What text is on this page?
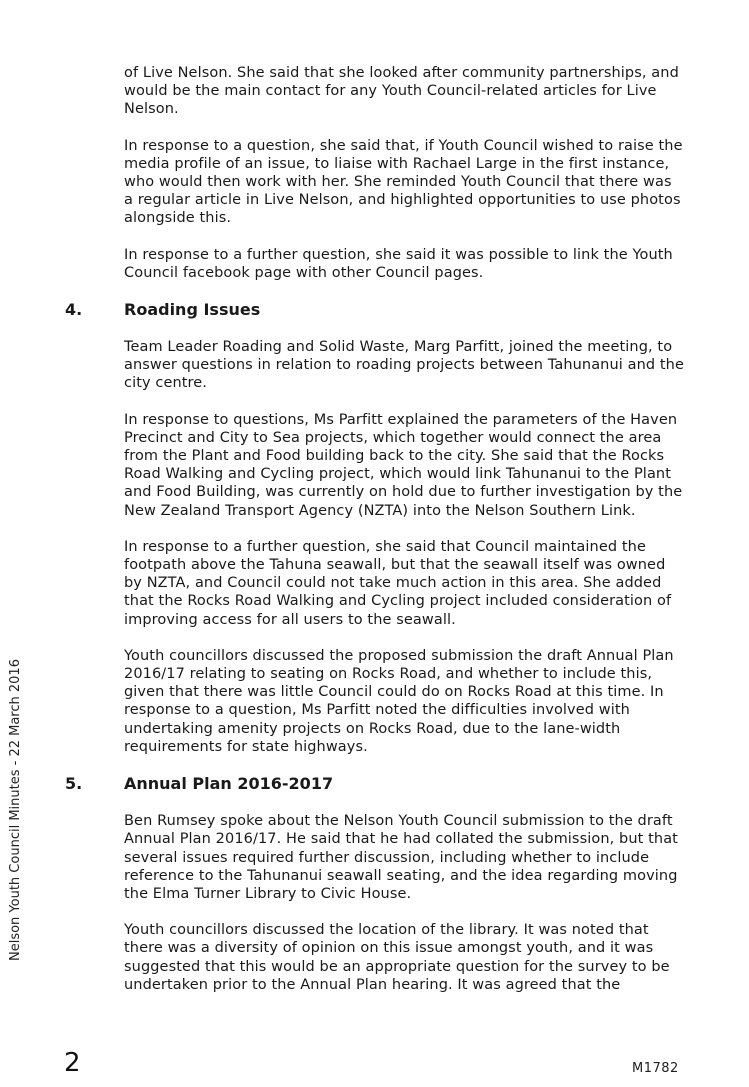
of Live Nelson. She said that she looked after community partnerships, and would be the main contact for any Youth Council-related articles for Live Nelson.

In response to a question, she said that, if Youth Council wished to raise the media profile of an issue, to liaise with Rachael Large in the first instance, who would then work with her. She reminded Youth Council that there was a regular article in Live Nelson, and highlighted opportunities to use photos alongside this.

In response to a further question, she said it was possible to link the Youth Council facebook page with other Council pages.

4.	Roading Issues

Team Leader Roading and Solid Waste, Marg Parfitt, joined the meeting, to answer questions in relation to roading projects between Tahunanui and the city centre.

In response to questions, Ms Parfitt explained the parameters of the Haven Precinct and City to Sea projects, which together would connect the area from the Plant and Food building back to the city. She said that the Rocks Road Walking and Cycling project, which would link Tahunanui to the Plant and Food Building, was currently on hold due to further investigation by the New Zealand Transport Agency (NZTA) into the Nelson Southern Link.

In response to a further question, she said that Council maintained the footpath above the Tahuna seawall, but that the seawall itself was owned by NZTA, and Council could not take much action in this area. She added that the Rocks Road Walking and Cycling project included consideration of improving access for all users to the seawall.

Youth councillors discussed the proposed submission the draft Annual Plan 2016/17 relating to seating on Rocks Road, and whether to include this, given that there was little Council could do on Rocks Road at this time. In response to a question, Ms Parfitt noted the difficulties involved with undertaking amenity projects on Rocks Road, due to the lane-width requirements for state highways.

5.	Annual Plan 2016-2017

Ben Rumsey spoke about the Nelson Youth Council submission to the draft Annual Plan 2016/17. He said that he had collated the submission, but that several issues required further discussion, including whether to include reference to the Tahunanui seawall seating, and the idea regarding moving the Elma Turner Library to Civic House.

Youth councillors discussed the location of the library. It was noted that there was a diversity of opinion on this issue amongst youth, and it was suggested that this would be an appropriate question for the survey to be undertaken prior to the Annual Plan hearing. It was agreed that the

Nelson Youth Council Minutes - 22 March 2016
2	M1782
